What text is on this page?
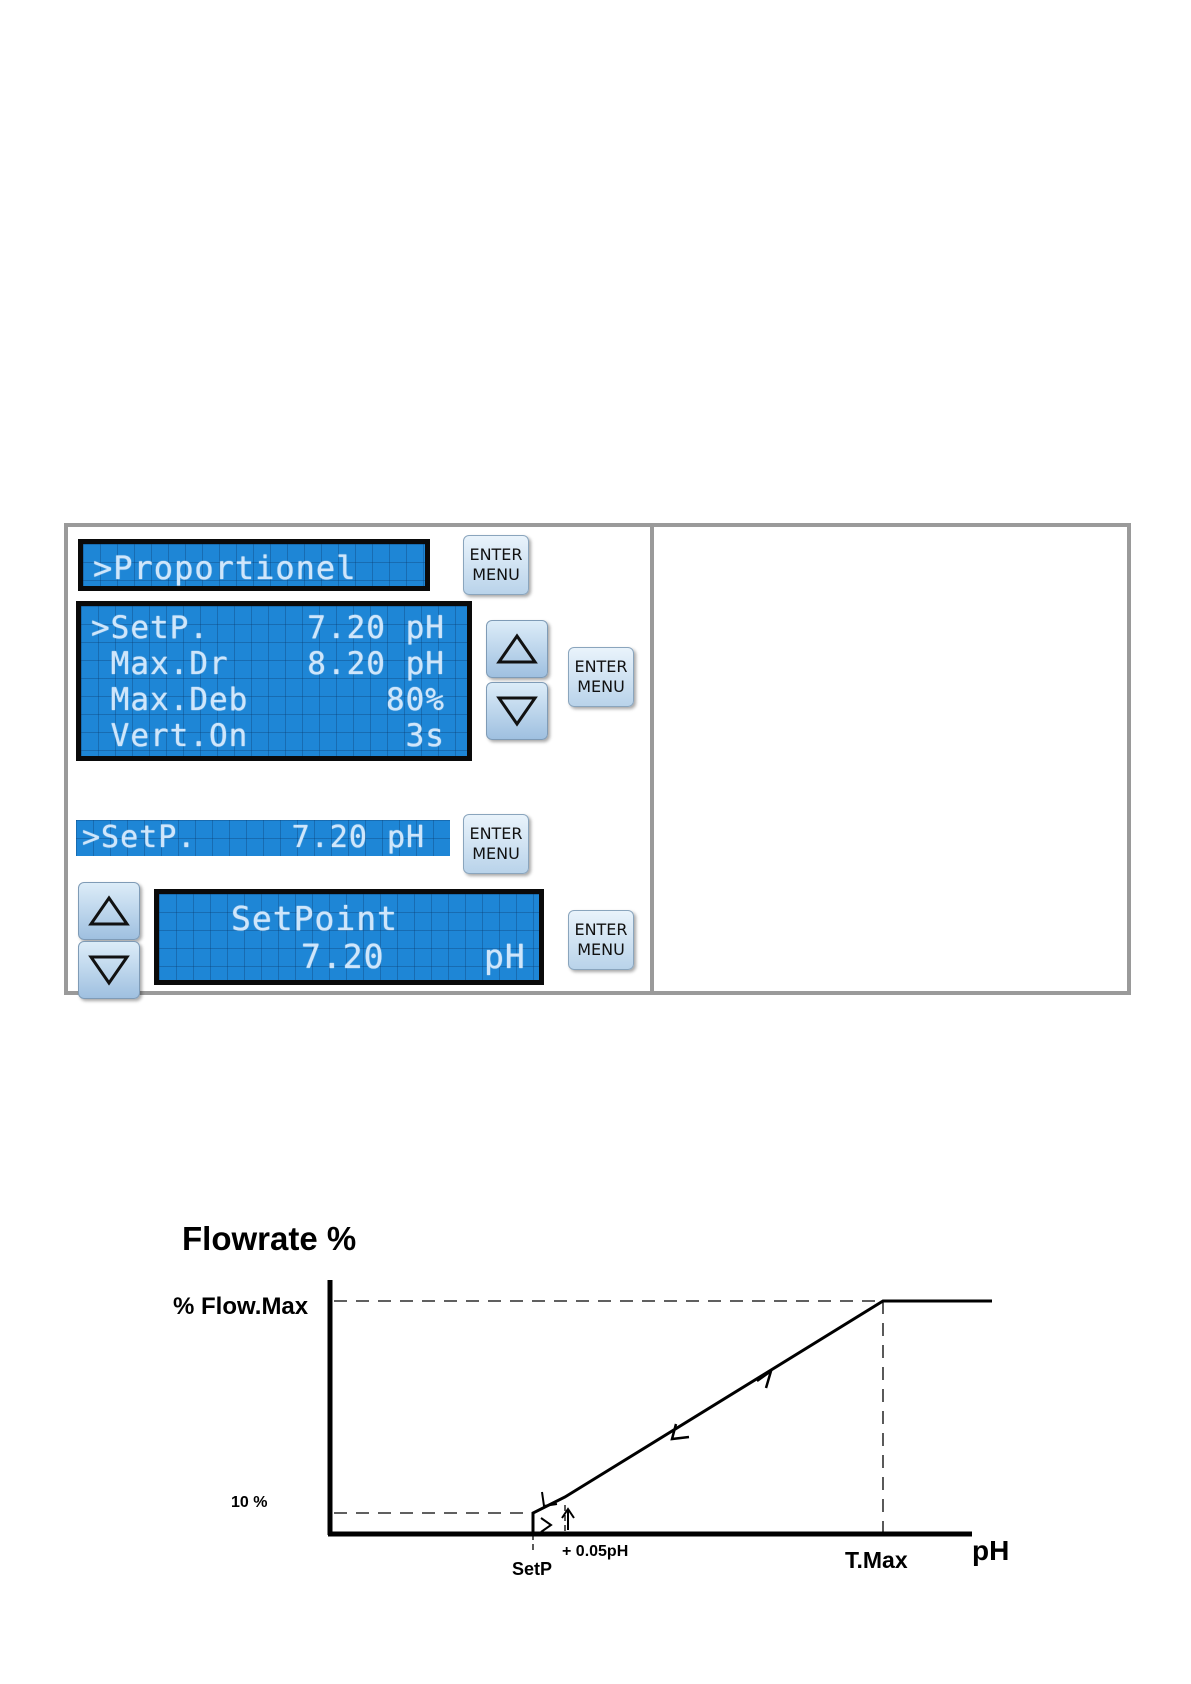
>Proportionel	ENTER
MENU
>SetP.     7.20 pH
Max.Dr    8.20 pH
Max.Deb       80%
Vert.On        3s
ENTER
MENU
>SetP.     7.20 pH	ENTER
MENU
SetPoint
7.20	pH
ENTER
MENU
Flowrate %
% Flow.Max
10 %
pH
SetP
+ 0.05pH	T.Max
